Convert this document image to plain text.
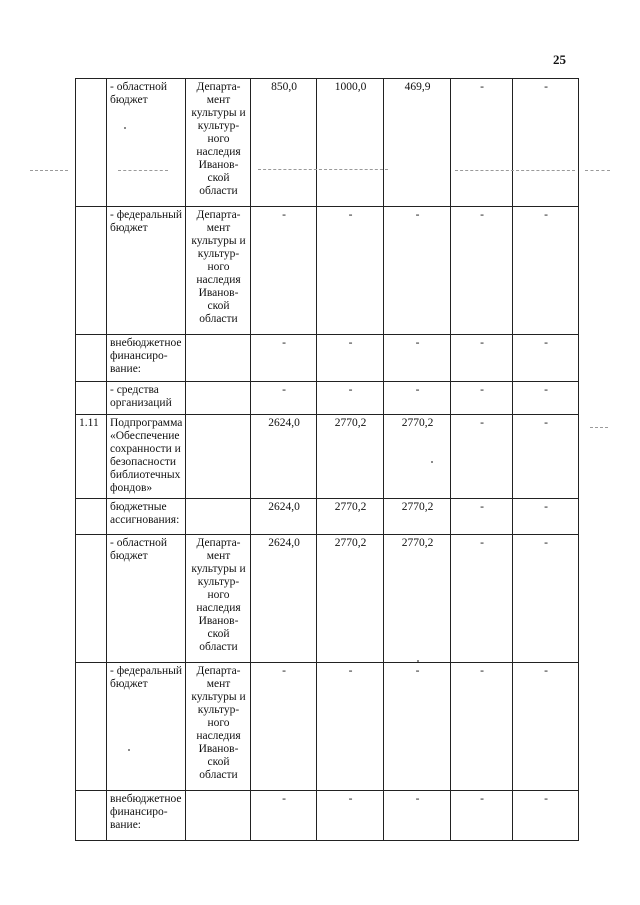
25
	- областной бюджет	Департа-мент культуры и культур-ного наследия Иванов-ской области	850,0	1000,0	469,9	-	-
	- федеральный бюджет	Департа-мент культуры и культур-ного наследия Иванов-ской области	-	-	-	-	-
	внебюджетное финансиро-вание:		-	-	-	-	-
	- средства организаций		-	-	-	-	-
1.11	Подпрограмма «Обеспечение сохранности и безопасности библиотечных фондов»		2624,0	2770,2	2770,2	-	-
	бюджетные ассигнования:		2624,0	2770,2	2770,2	-	-
	- областной бюджет	Департа-мент культуры и культур-ного наследия Иванов-ской области	2624,0	2770,2	2770,2	-	-
	- федеральный бюджет	Департа-мент культуры и культур-ного наследия Иванов-ской области	-	-	-	-	-
	внебюджетное финансиро-вание:		-	-	-	-	-
